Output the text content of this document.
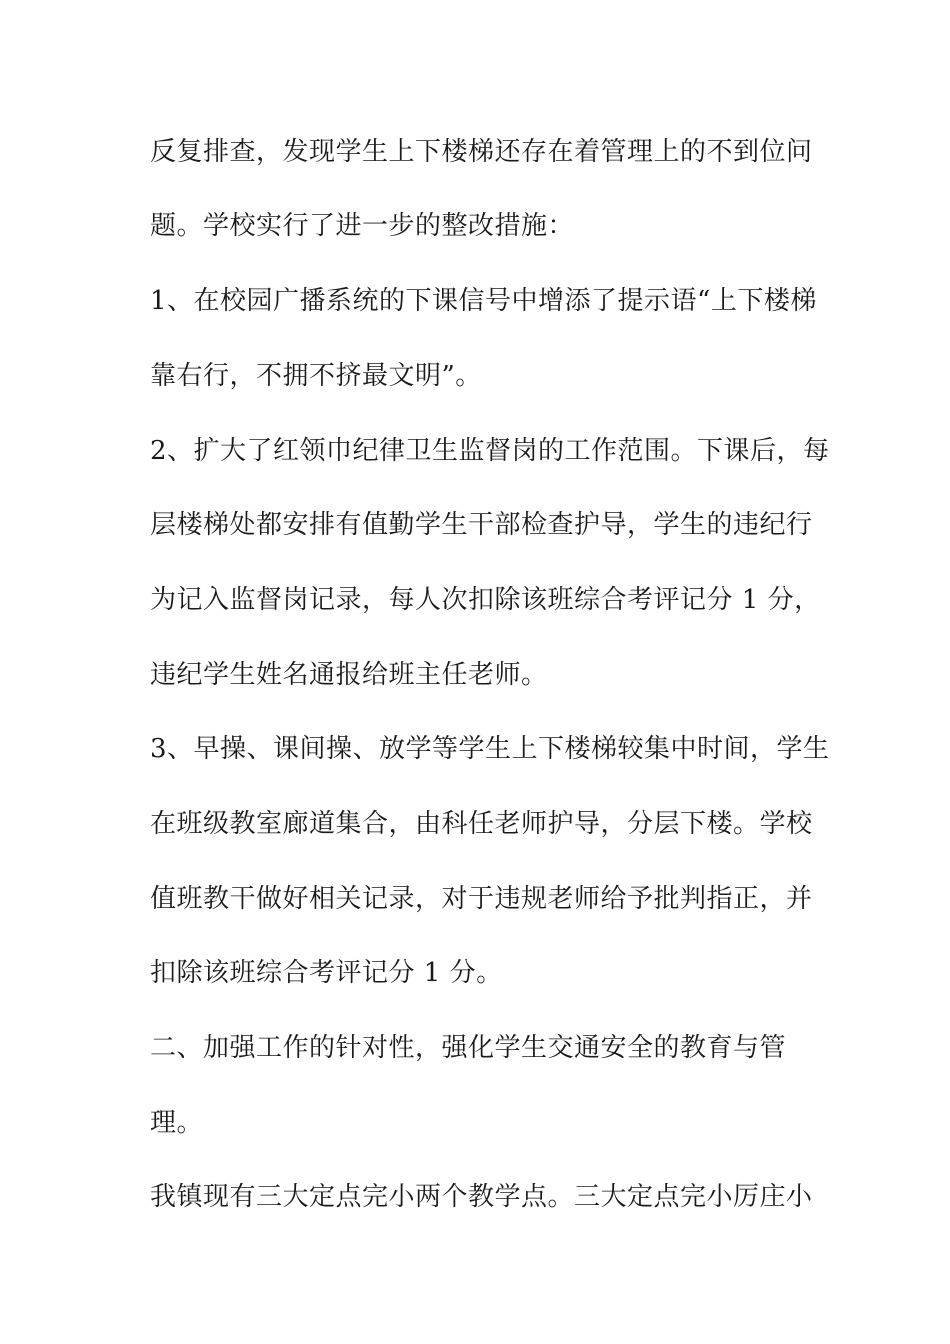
反复排查，发现学生上下楼梯还存在着管理上的不到位问

题。学校实行了进一步的整改措施：

1、在校园广播系统的下课信号中增添了提示语“上下楼梯

靠右行，不拥不挤最文明”。

2、扩大了红领巾纪律卫生监督岗的工作范围。下课后，每

层楼梯处都安排有值勤学生干部检查护导，学生的违纪行

为记入监督岗记录，每人次扣除该班综合考评记分 1 分，

违纪学生姓名通报给班主任老师。

3、早操、课间操、放学等学生上下楼梯较集中时间，学生

在班级教室廊道集合，由科任老师护导，分层下楼。学校

值班教干做好相关记录，对于违规老师给予批判指正，并

扣除该班综合考评记分 1 分。

二、加强工作的针对性，强化学生交通安全的教育与管

理。

我镇现有三大定点完小两个教学点。三大定点完小厉庄小
